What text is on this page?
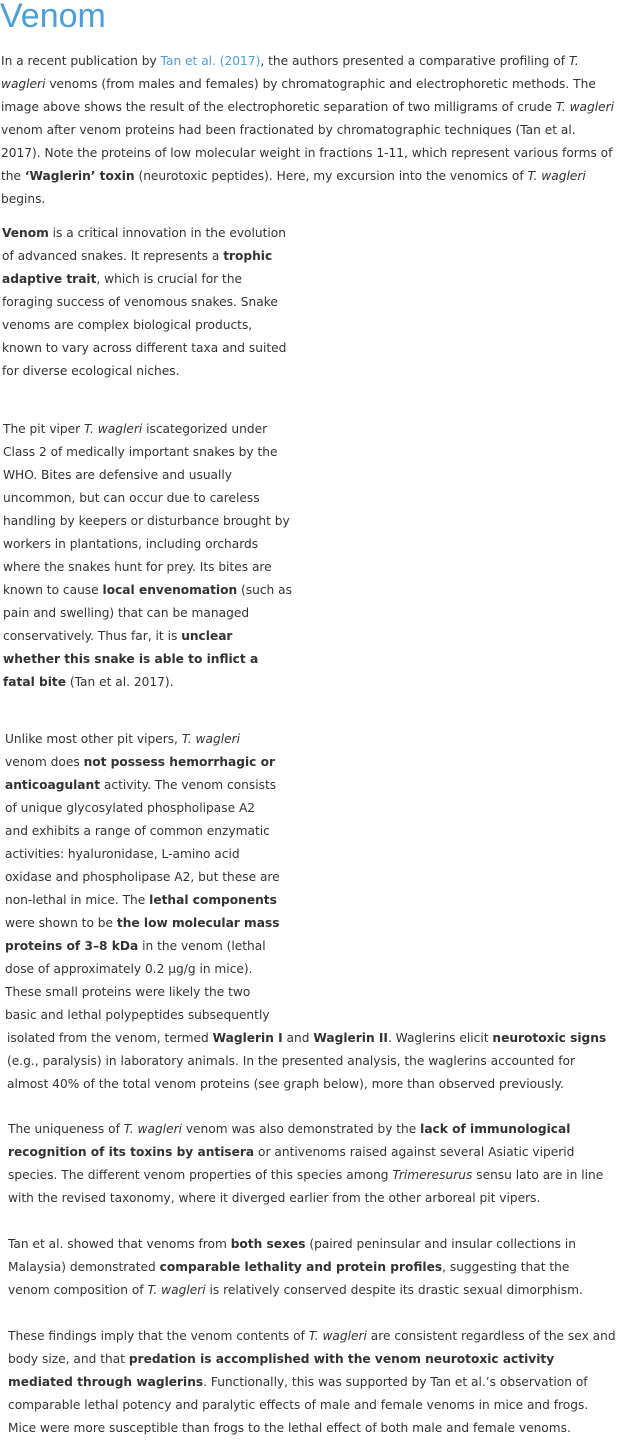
Venom

In a recent publication by Tan et al. (2017), the authors presented a comparative profiling of T. wagleri venoms (from males and females) by chromatographic and electrophoretic methods. The image above shows the result of the electrophoretic separation of two milligrams of crude T. wagleri venom after venom proteins had been fractionated by chromatographic techniques (Tan et al. 2017). Note the proteins of low molecular weight in fractions 1-11, which represent various forms of the ‘Waglerin’ toxin (neurotoxic peptides). Here, my excursion into the venomics of T. wagleri begins.

Venom is a critical innovation in the evolution of advanced snakes. It represents a trophic adaptive trait, which is crucial for the foraging success of venomous snakes. Snake venoms are complex biological products, known to vary across different taxa and suited for diverse ecological niches.

The pit viper T. wagleri iscategorized under Class 2 of medically important snakes by the WHO. Bites are defensive and usually uncommon, but can occur due to careless handling by keepers or disturbance brought by workers in plantations, including orchards where the snakes hunt for prey. Its bites are known to cause local envenomation (such as pain and swelling) that can be managed conservatively. Thus far, it is unclear whether this snake is able to inflict a fatal bite (Tan et al. 2017).

Unlike most other pit vipers, T. wagleri venom does not possess hemorrhagic or anticoagulant activity. The venom consists of unique glycosylated phospholipase A2 and exhibits a range of common enzymatic activities: hyaluronidase, L-amino acid oxidase and phospholipase A2, but these are non-lethal in mice. The lethal components were shown to be the low molecular mass proteins of 3–8 kDa in the venom (lethal dose of approximately 0.2 μg/g in mice). These small proteins were likely the two basic and lethal polypeptides subsequently
isolated from the venom, termed Waglerin I and Waglerin II. Waglerins elicit neurotoxic signs (e.g., paralysis) in laboratory animals. In the presented analysis, the waglerins accounted for almost 40% of the total venom proteins (see graph below), more than observed previously.

The uniqueness of T. wagleri venom was also demonstrated by the lack of immunological recognition of its toxins by antisera or antivenoms raised against several Asiatic viperid species. The different venom properties of this species among Trimeresurus sensu lato are in line with the revised taxonomy, where it diverged earlier from the other arboreal pit vipers.

Tan et al. showed that venoms from both sexes (paired peninsular and insular collections in Malaysia) demonstrated comparable lethality and protein profiles, suggesting that the venom composition of T. wagleri is relatively conserved despite its drastic sexual dimorphism.

These findings imply that the venom contents of T. wagleri are consistent regardless of the sex and body size, and that predation is accomplished with the venom neurotoxic activity mediated through waglerins. Functionally, this was supported by Tan et al.’s observation of comparable lethal potency and paralytic effects of male and female venoms in mice and frogs. Mice were more susceptible than frogs to the lethal effect of both male and female venoms.
